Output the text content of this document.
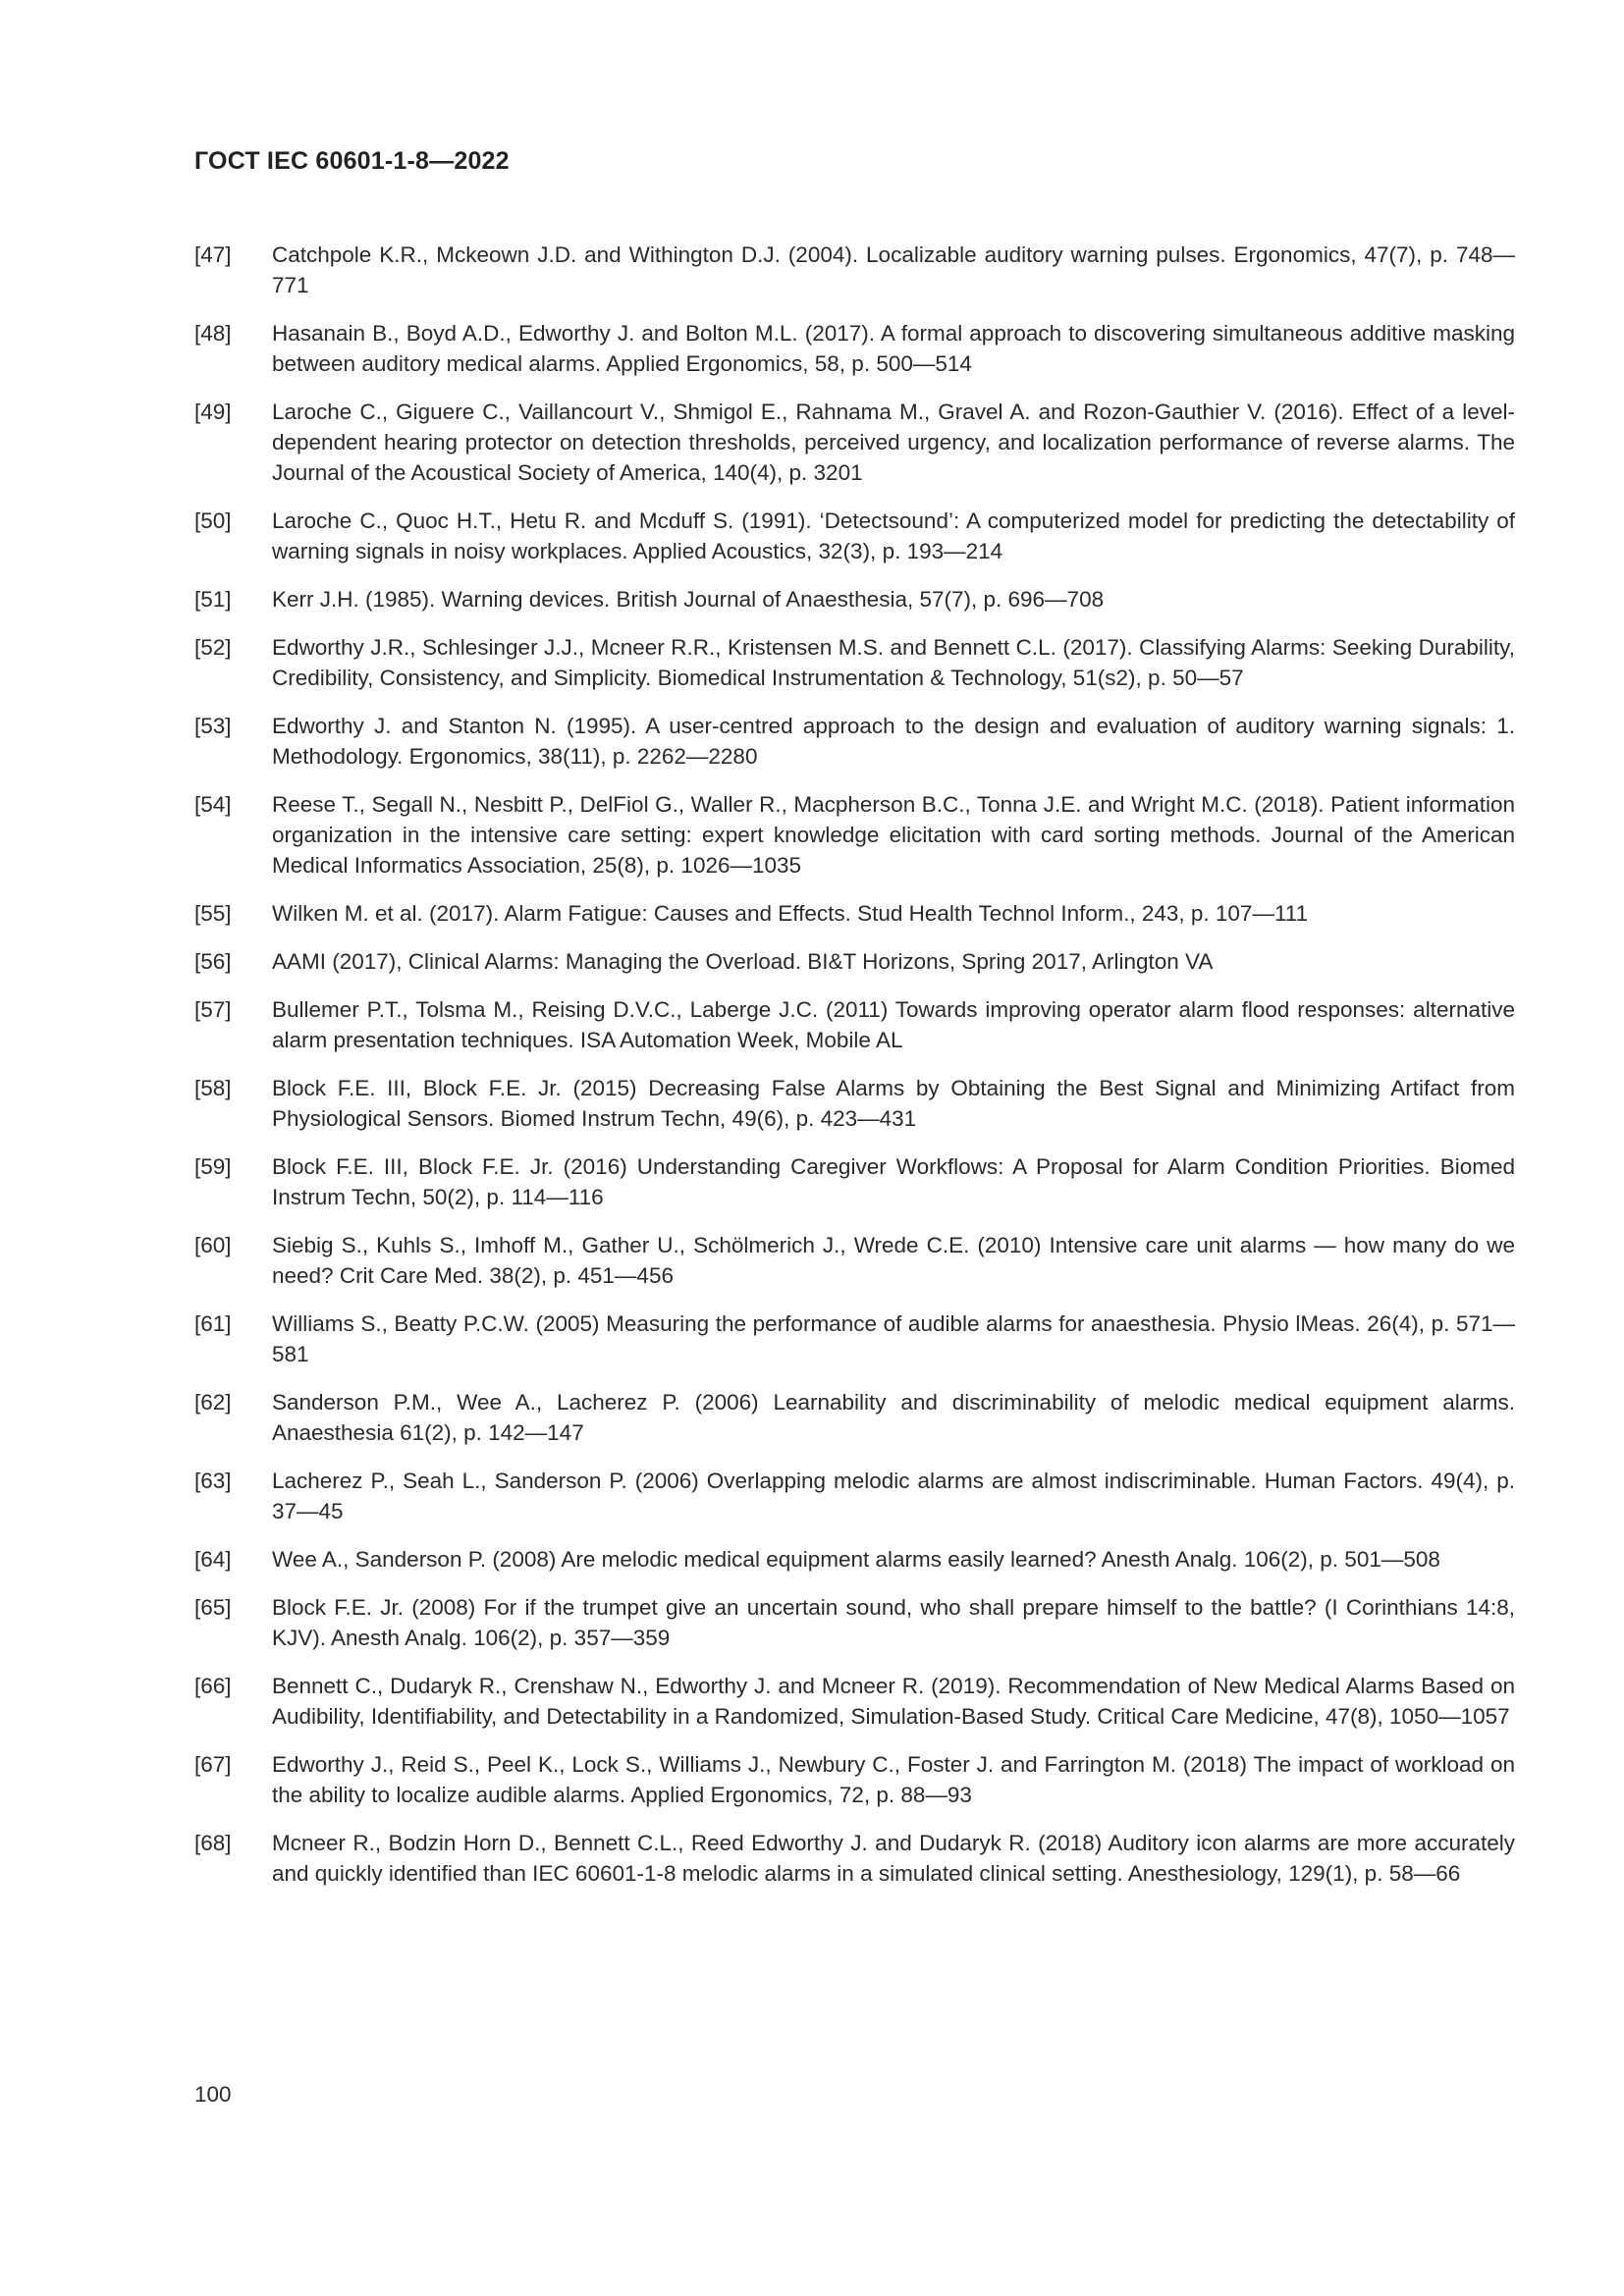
ГОСТ IEC 60601-1-8—2022
[47]	Catchpole K.R., Mckeown J.D. and Withington D.J. (2004). Localizable auditory warning pulses. Ergonomics, 47(7), p. 748—771
[48]	Hasanain B., Boyd A.D., Edworthy J. and Bolton M.L. (2017). A formal approach to discovering simultaneous additive masking between auditory medical alarms. Applied Ergonomics, 58, p. 500—514
[49]	Laroche C., Giguere C., Vaillancourt V., Shmigol E., Rahnama M., Gravel A. and Rozon-Gauthier V. (2016). Effect of a level-dependent hearing protector on detection thresholds, perceived urgency, and localization performance of reverse alarms. The Journal of the Acoustical Society of America, 140(4), p. 3201
[50]	Laroche C., Quoc H.T., Hetu R. and Mcduff S. (1991). ‘Detectsound’: A computerized model for predicting the detectability of warning signals in noisy workplaces. Applied Acoustics, 32(3), p. 193—214
[51]	Kerr J.H. (1985). Warning devices. British Journal of Anaesthesia, 57(7), p. 696—708
[52]	Edworthy J.R., Schlesinger J.J., Mcneer R.R., Kristensen M.S. and Bennett C.L. (2017). Classifying Alarms: Seeking Durability, Credibility, Consistency, and Simplicity. Biomedical Instrumentation & Technology, 51(s2), p. 50—57
[53]	Edworthy J. and Stanton N. (1995). A user-centred approach to the design and evaluation of auditory warning signals: 1. Methodology. Ergonomics, 38(11), p. 2262—2280
[54]	Reese T., Segall N., Nesbitt P., DelFiol G., Waller R., Macpherson B.C., Tonna J.E. and Wright M.C. (2018). Patient information organization in the intensive care setting: expert knowledge elicitation with card sorting methods. Journal of the American Medical Informatics Association, 25(8), p. 1026—1035
[55]	Wilken M. et al. (2017). Alarm Fatigue: Causes and Effects. Stud Health Technol Inform., 243, p. 107—111
[56]	AAMI (2017), Clinical Alarms: Managing the Overload. BI&T Horizons, Spring 2017, Arlington VA
[57]	Bullemer P.T., Tolsma M., Reising D.V.C., Laberge J.C. (2011) Towards improving operator alarm flood responses: alternative alarm presentation techniques. ISA Automation Week, Mobile AL
[58]	Block F.E. III, Block F.E. Jr. (2015) Decreasing False Alarms by Obtaining the Best Signal and Minimizing Artifact from Physiological Sensors. Biomed Instrum Techn, 49(6), p. 423—431
[59]	Block F.E. III, Block F.E. Jr. (2016) Understanding Caregiver Workflows: A Proposal for Alarm Condition Priorities. Biomed Instrum Techn, 50(2), p. 114—116
[60]	Siebig S., Kuhls S., Imhoff M., Gather U., Schölmerich J., Wrede C.E. (2010) Intensive care unit alarms — how many do we need? Crit Care Med. 38(2), p. 451—456
[61]	Williams S., Beatty P.C.W. (2005) Measuring the performance of audible alarms for anaesthesia. Physio lMeas. 26(4), p. 571—581
[62]	Sanderson P.M., Wee A., Lacherez P. (2006) Learnability and discriminability of melodic medical equipment alarms. Anaesthesia 61(2), p. 142—147
[63]	Lacherez P., Seah L., Sanderson P. (2006) Overlapping melodic alarms are almost indiscriminable. Human Factors. 49(4), p. 37—45
[64]	Wee A., Sanderson P. (2008) Are melodic medical equipment alarms easily learned? Anesth Analg. 106(2), p. 501—508
[65]	Block F.E. Jr. (2008) For if the trumpet give an uncertain sound, who shall prepare himself to the battle? (I Corinthians 14:8, KJV). Anesth Analg. 106(2), p. 357—359
[66]	Bennett C., Dudaryk R., Crenshaw N., Edworthy J. and Mcneer R. (2019). Recommendation of New Medical Alarms Based on Audibility, Identifiability, and Detectability in a Randomized, Simulation-Based Study. Critical Care Medicine, 47(8), 1050—1057
[67]	Edworthy J., Reid S., Peel K., Lock S., Williams J., Newbury C., Foster J. and Farrington M. (2018) The impact of workload on the ability to localize audible alarms. Applied Ergonomics, 72, p. 88—93
[68]	Mcneer R., Bodzin Horn D., Bennett C.L., Reed Edworthy J. and Dudaryk R. (2018) Auditory icon alarms are more accurately and quickly identified than IEC 60601-1-8 melodic alarms in a simulated clinical setting. Anesthesiology, 129(1), p. 58—66
100
